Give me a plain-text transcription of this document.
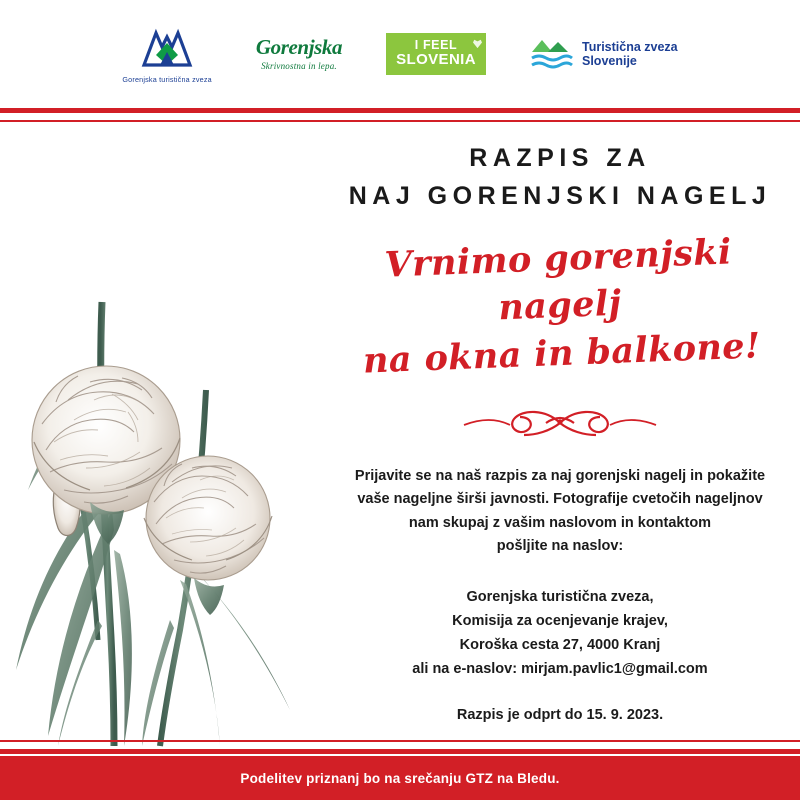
Gorenjska turistična zveza
Gorenjska
Skrivnostna in lepa.
I FEEL
SLOVENIA
Turistična zveza
Slovenije
RAZPIS ZA
NAJ GORENJSKI NAGELJ
Vrnimo gorenjski nagelj
na okna in balkone!
Prijavite se na naš razpis za naj gorenjski nagelj in pokažite vaše nageljne širši javnosti. Fotografije cvetočih nageljnov nam skupaj z vašim naslovom in kontaktom
pošljite na naslov:
Gorenjska turistična zveza,
Komisija za ocenjevanje krajev,
Koroška cesta 27, 4000 Kranj
ali na e-naslov: mirjam.pavlic1@gmail.com
Razpis je odprt do 15. 9. 2023.
Podelitev priznanj bo na srečanju GTZ na Bledu.
